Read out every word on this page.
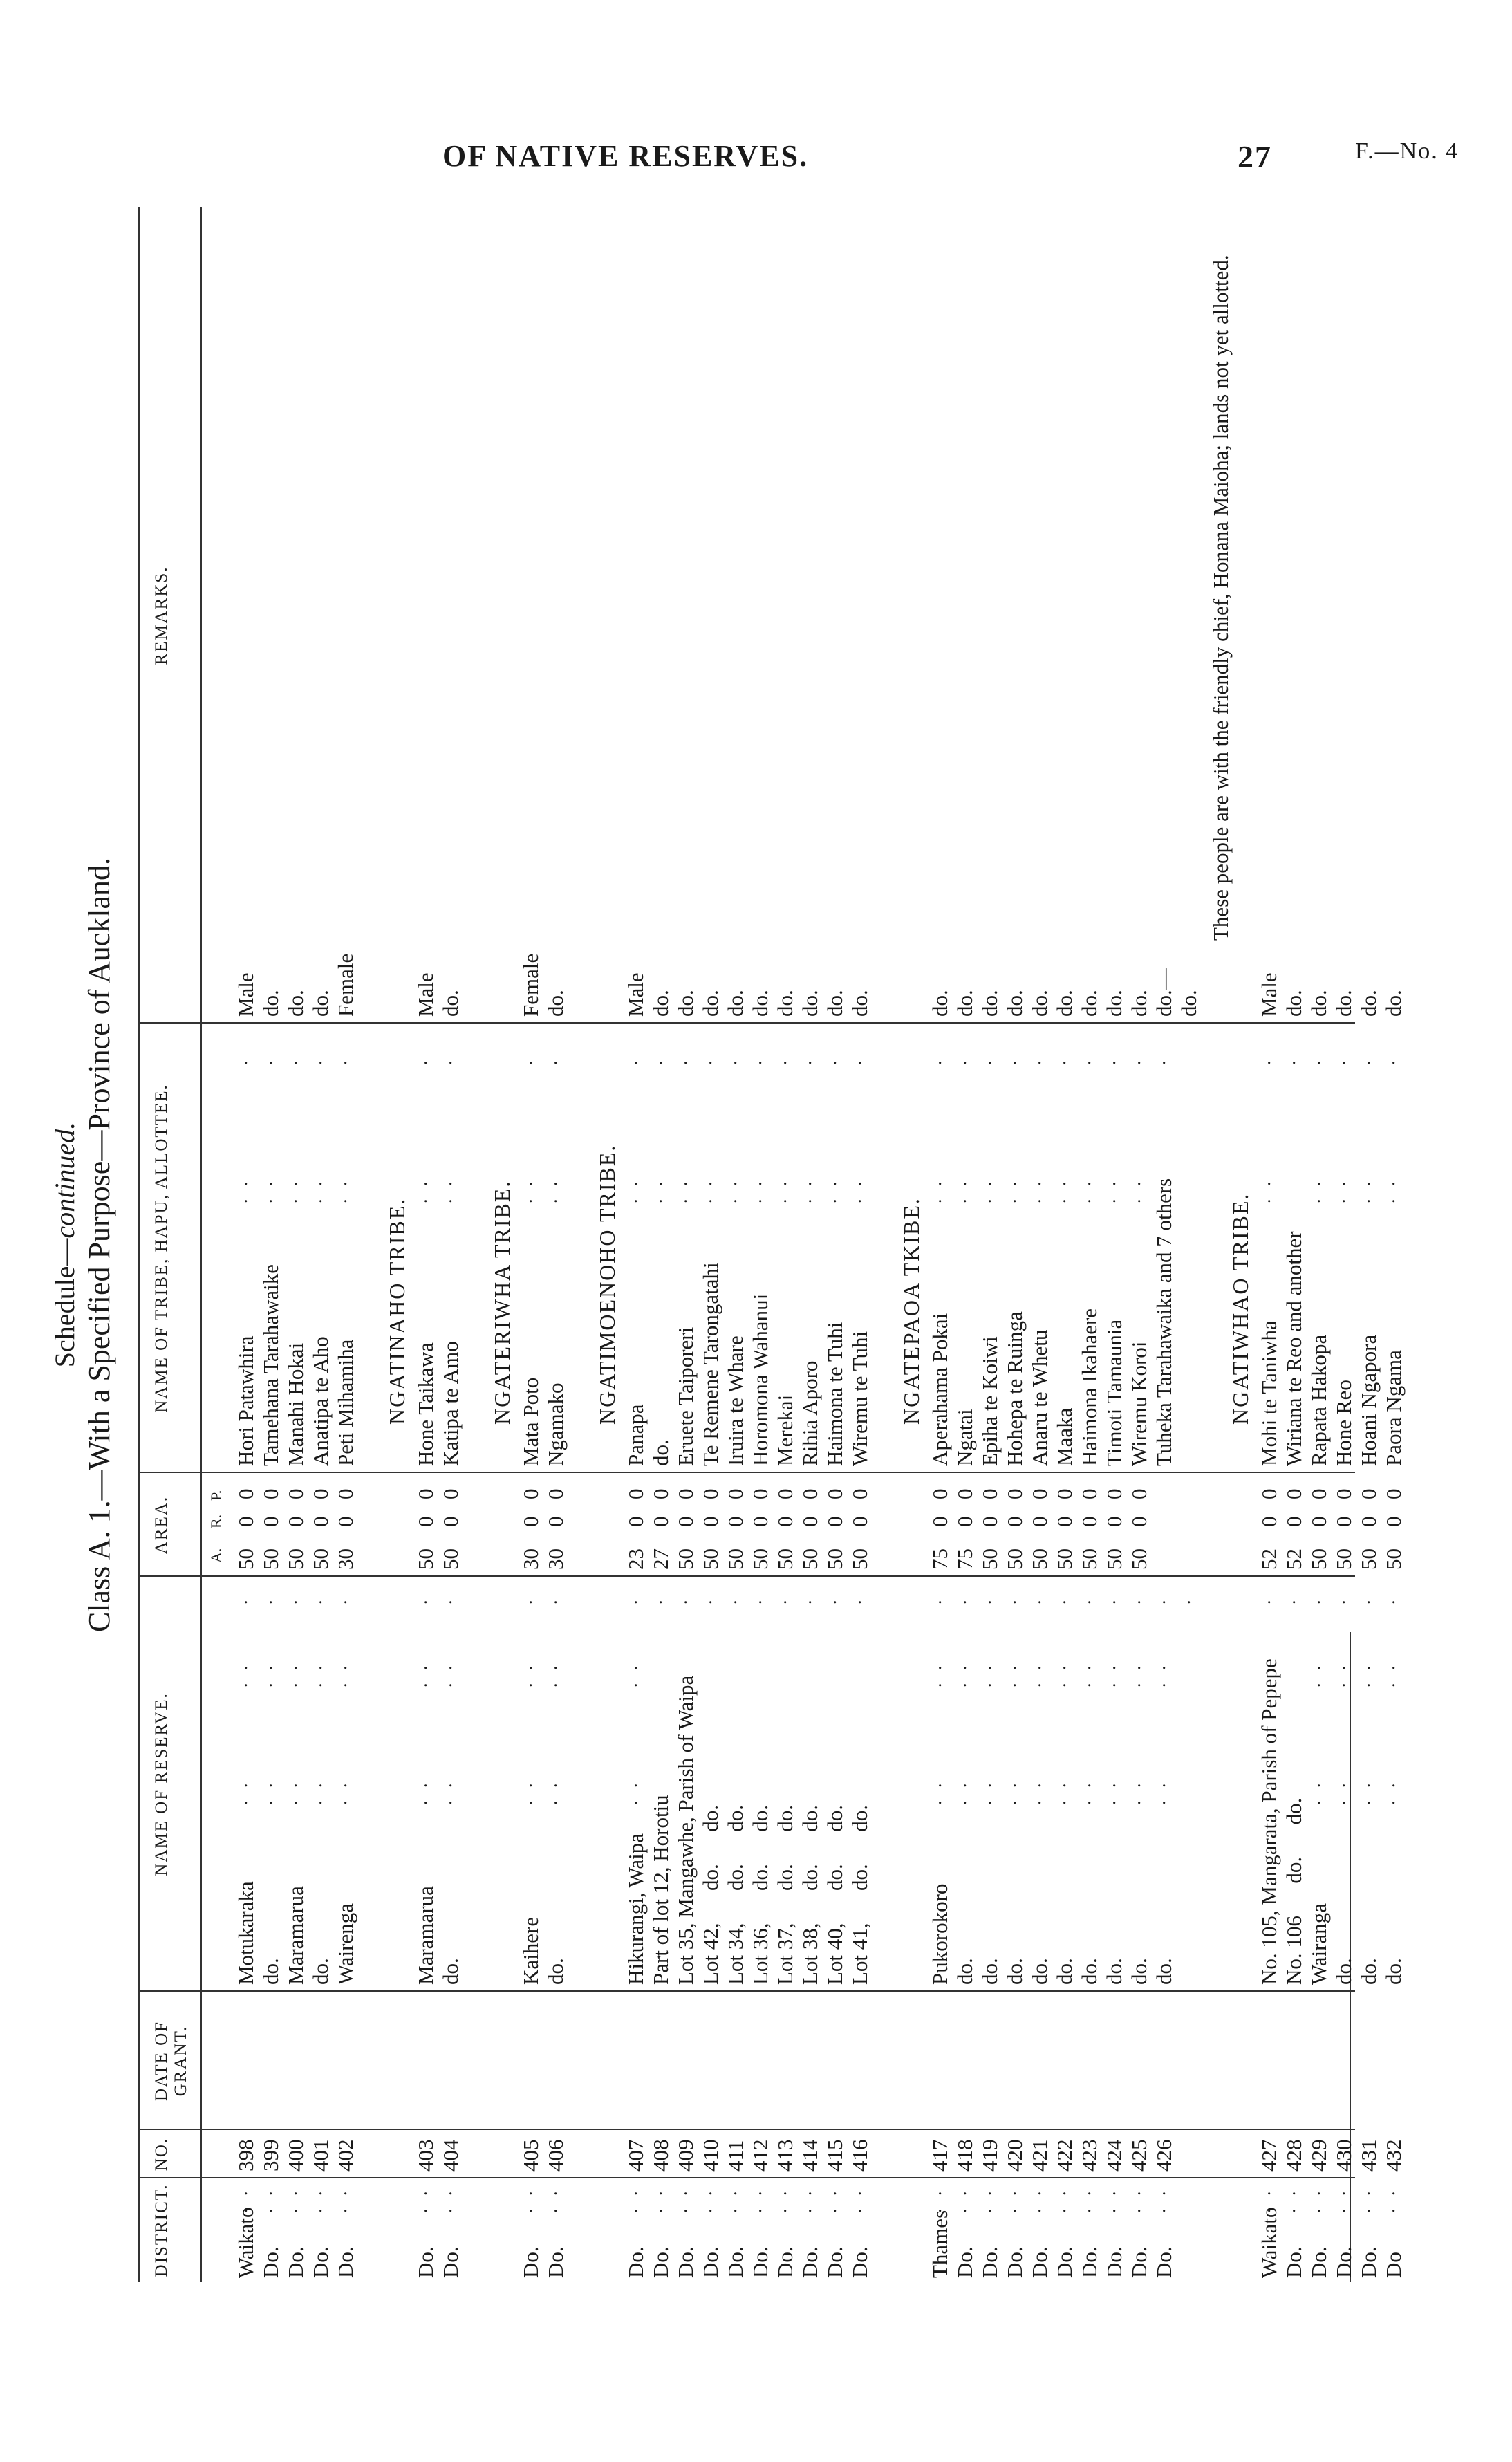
OF NATIVE RESERVES.	27	F.—No. 4
Schedule—continued. Class A. 1.—With a Specified Purpose—Province of Auckland.
DISTRICT.
NO.
DATE OF GRANT.
NAME OF RESERVE.
AREA.
NAME OF TRIBE, HAPU, ALLOTTEE.
REMARKS.
A.
R.
P.
Waikato
. .
398
Motukaraka
. .
. .
.
50
0
0
Hori Patawhira
. .
.
Male
Do.
. .
399
do.
. .
. .
.
50
0
0
Tamehana Tarahawaike
. .
.
do.
Do.
. .
400
Maramarua
. .
. .
.
50
0
0
Manahi Hokai
. .
.
do.
Do.
. .
401
do.
. .
. .
.
50
0
0
Anatipa te Aho
. .
.
do.
Do.
. .
402
Wairenga
. .
. .
.
30
0
0
Peti Mihamiha
. .
.
Female
NGATINAHO TRIBE.
Do.
. .
403
Maramarua
. .
. .
.
50
0
0
Hone Taikawa
. .
.
Male
Do.
. .
404
do.
. .
. .
.
50
0
0
Katipa te Amo
. .
.
do.
NGATERIWHA TRIBE.
Do.
. .
405
Kaihere
. .
. .
.
30
0
0
Mata Poto
. .
.
Female
Do.
. .
406
do.
. .
. .
.
30
0
0
Ngamako
. .
.
do.
NGATIMOENOHO TRIBE.
Do.
. .
407
Hikurangi, Waipa
. .
. .
.
23
0
0
Panapa
. .
.
Male
Do.
. .
408
Part of lot 12, Horotiu
.
27
0
0
do.
. .
.
do.
Do.
. .
409
Lot 35, Mangawhe, Parish of Waipa
.
50
0
0
Eruete Taiporeri
. .
.
do.
Do.
. .
410
Lot 42,      do.      do.
.
50
0
0
Te Remene Tarongatahi
. .
.
do.
Do.
. .
411
Lot 34,      do.      do.
.
50
0
0
Iruira te Whare
. .
.
do.
Do.
. .
412
Lot 36,      do.      do.
.
50
0
0
Horomona Wahanui
. .
.
do.
Do.
. .
413
Lot 37,      do.      do.
.
50
0
0
Merekai
. .
.
do.
Do.
. .
414
Lot 38,      do.      do.
.
50
0
0
Rihia Aporo
. .
.
do.
Do.
. .
415
Lot 40,      do.      do.
.
50
0
0
Haimona te Tuhi
. .
.
do.
Do.
. .
416
Lot 41,      do.      do.
.
50
0
0
Wiremu te Tuhi
. .
.
do.
NGATEPAOA TKIBE.
Thames
. .
417
Pukorokoro
. .
. .
.
75
0
0
Aperahama Pokai
. .
.
do.
Do.
. .
418
do.
. .
. .
.
75
0
0
Ngatai
. .
.
do.
Do.
. .
419
do.
. .
. .
.
50
0
0
Epiha te Koiwi
. .
.
do.
Do.
. .
420
do.
. .
. .
.
50
0
0
Hohepa te Ruinga
. .
.
do.
Do.
. .
421
do.
. .
. .
.
50
0
0
Anaru te Whetu
. .
.
do.
Do.
. .
422
do.
. .
. .
.
50
0
0
Maaka
. .
.
do.
Do.
. .
423
do.
. .
. .
.
50
0
0
Haimona Ikahaere
. .
.
do.
Do.
. .
424
do.
. .
. .
.
50
0
0
Timoti Tamaunia
. .
.
do.
Do.
. .
425
do.
. .
. .
.
50
0
0
Wiremu Koroi
. .
.
do.
Do.
. .
426
do.
. .
. .
.
Tuheka Tarahawaika and 7 others
.
do.—
.
do.
NGATIWHAO TRIBE.
Waikato
. .
427
No. 105, Mangarata, Parish of Pepepe
.
52
0
0
Mohi te Taniwha
. .
.
Male
Do.
. .
428
No. 106      do.      do.
.
52
0
0
Wiriana te Reo and another
.
do.
Do.
. .
429
Wairanga
. .
. .
.
50
0
0
Rapata Hakopa
. .
.
do.
Do.
. .
430
do.
. .
. .
.
50
0
0
Hone Reo
. .
.
do.
Do.
. .
431
do.
. .
. .
.
50
0
0
Hoani Ngapora
. .
.
do.
Do
. .
432
do.
. .
. .
.
50
0
0
Paora Ngama
. .
.
do.
These people are with the friendly chief, Honana Maioha; lands not yet allotted.
